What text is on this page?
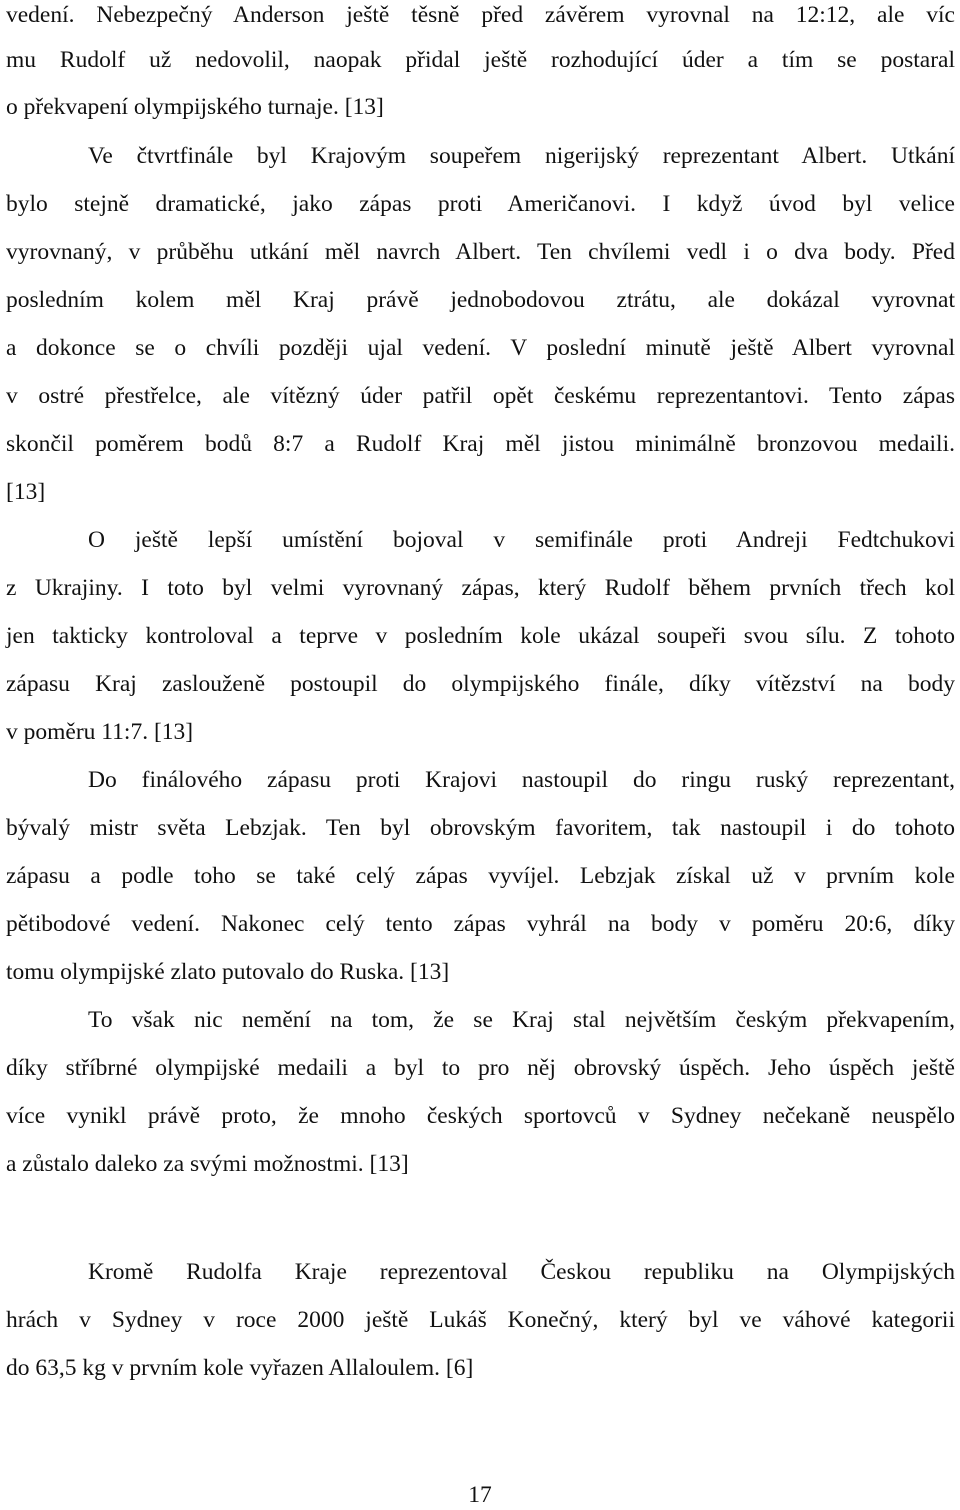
vedení. Nebezpečný Anderson ještě těsně před závěrem vyrovnal na 12:12, ale víc
mu Rudolf už nedovolil, naopak přidal ještě rozhodující úder a tím se postaral
o překvapení olympijského turnaje. [13]
Ve čtvrtfinále byl Krajovým soupeřem nigerijský reprezentant Albert. Utkání
bylo stejně dramatické, jako zápas proti Američanovi. I když úvod byl velice
vyrovnaný, v průběhu utkání měl navrch Albert. Ten chvílemi vedl i o dva body. Před
posledním kolem měl Kraj právě jednobodovou ztrátu, ale dokázal vyrovnat
a dokonce se o chvíli později ujal vedení. V poslední minutě ještě Albert vyrovnal
v ostré přestřelce, ale vítězný úder patřil opět českému reprezentantovi. Tento zápas
skončil poměrem bodů 8:7 a Rudolf Kraj měl jistou minimálně bronzovou medaili.
[13]
O ještě lepší umístění bojoval v semifinále proti Andreji Fedtchukovi
z Ukrajiny. I toto byl velmi vyrovnaný zápas, který Rudolf během prvních třech kol
jen takticky kontroloval a teprve v posledním kole ukázal soupeři svou sílu. Z tohoto
zápasu Kraj zaslouženě postoupil do olympijského finále, díky vítězství na body
v poměru 11:7. [13]
Do finálového zápasu proti Krajovi nastoupil do ringu ruský reprezentant,
bývalý mistr světa Lebzjak. Ten byl obrovským favoritem, tak nastoupil i do tohoto
zápasu a podle toho se také celý zápas vyvíjel. Lebzjak získal už v prvním kole
pětibodové vedení. Nakonec celý tento zápas vyhrál na body v poměru 20:6, díky
tomu olympijské zlato putovalo do Ruska. [13]
To však nic nemění na tom, že se Kraj stal největším českým překvapením,
díky stříbrné olympijské medaili a byl to pro něj obrovský úspěch. Jeho úspěch ještě
více vynikl právě proto, že mnoho českých sportovců v Sydney nečekaně neuspělo
a zůstalo daleko za svými možnostmi. [13]
Kromě Rudolfa Kraje reprezentoval Českou republiku na Olympijských
hrách v Sydney v roce 2000 ještě Lukáš Konečný, který byl ve váhové kategorii
do 63,5 kg v prvním kole vyřazen Allaloulem. [6]
17
